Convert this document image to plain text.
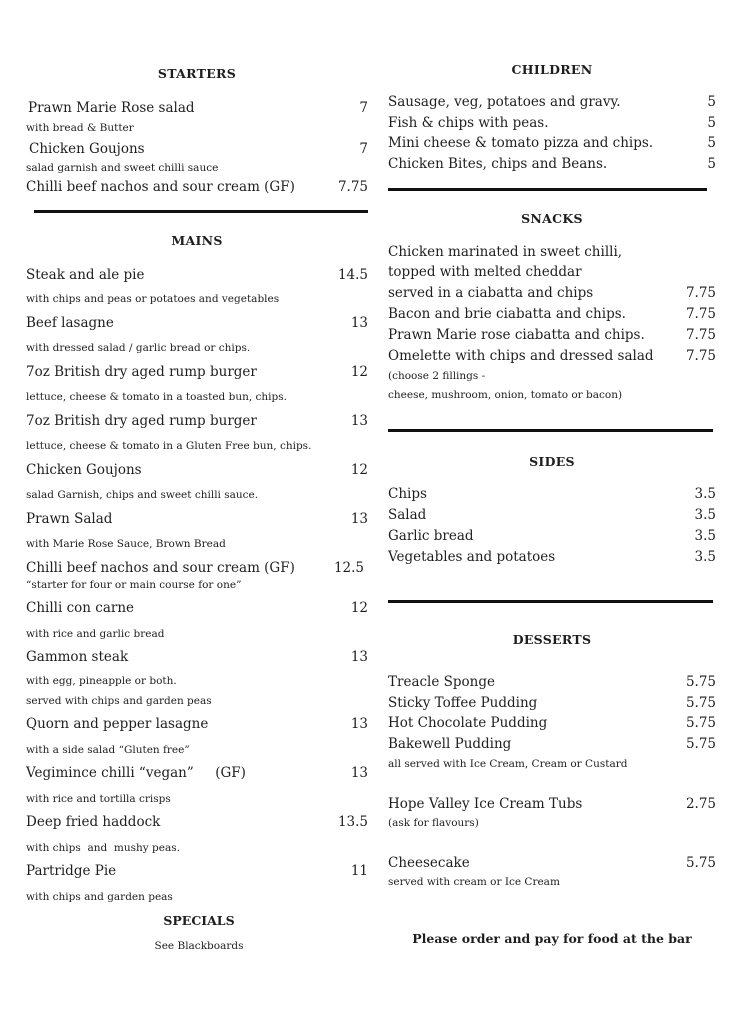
STARTERS
Prawn Marie Rose salad	7
with bread & Butter
Chicken Goujons	7
salad garnish and sweet chilli sauce
Chilli beef nachos and sour cream (GF)	7.75
MAINS
Steak and ale pie	14.5
with chips and peas or potatoes and vegetables
Beef lasagne	13
with dressed salad / garlic bread or chips.
7oz British dry aged rump burger	12
lettuce, cheese & tomato in a toasted bun, chips.
7oz British dry aged rump burger	13
lettuce, cheese & tomato in a Gluten Free bun, chips.
Chicken Goujons	12
salad Garnish, chips and sweet chilli sauce.
Prawn Salad	13
with Marie Rose Sauce, Brown Bread
Chilli beef nachos and sour cream (GF)	12.5
“starter for four or main course for one”
Chilli con carne	12
with rice and garlic bread
Gammon steak	13
with egg, pineapple or both.
served with chips and garden peas
Quorn and pepper lasagne	13
with a side salad “Gluten free”
Vegimince chilli “vegan”     (GF)	13
with rice and tortilla crisps
Deep fried haddock	13.5
with chips  and  mushy peas.
Partridge Pie	11
with chips and garden peas
SPECIALS
See Blackboards
CHILDREN
Sausage, veg, potatoes and gravy.	5
Fish & chips with peas.	5
Mini cheese & tomato pizza and chips.	5
Chicken Bites, chips and Beans.	5
SNACKS
Chicken marinated in sweet chilli,
topped with melted cheddar
served in a ciabatta and chips	7.75
Bacon and brie ciabatta and chips.	7.75
Prawn Marie rose ciabatta and chips.	7.75
Omelette with chips and dressed salad 7.75
(choose 2 fillings -
cheese, mushroom, onion, tomato or bacon)
SIDES
Chips	3.5
Salad	3.5
Garlic bread	3.5
Vegetables and potatoes	3.5
DESSERTS
Treacle Sponge	5.75
Sticky Toffee Pudding	5.75
Hot Chocolate Pudding	5.75
Bakewell Pudding	5.75
all served with Ice Cream, Cream or Custard
Hope Valley Ice Cream Tubs	2.75
(ask for flavours)
Cheesecake	5.75
served with cream or Ice Cream
Please order and pay for food at the bar
